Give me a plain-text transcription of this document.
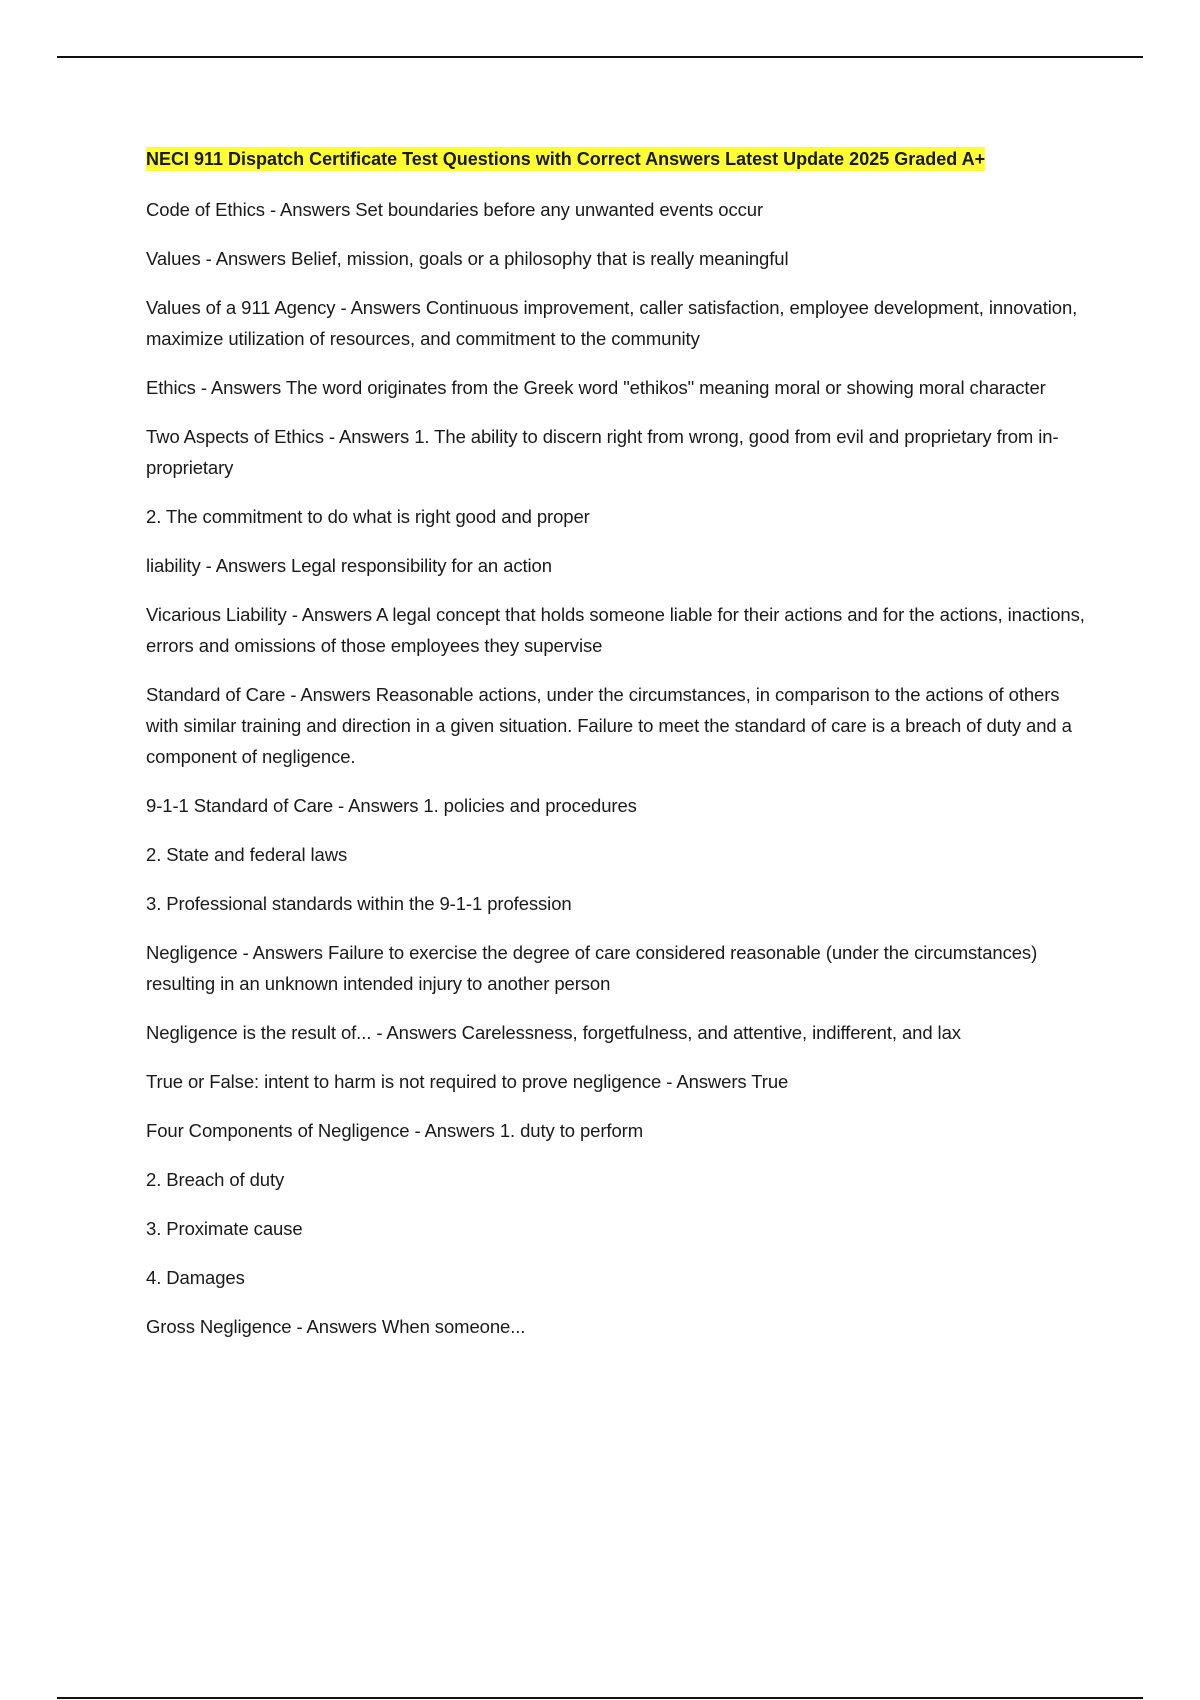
NECI 911 Dispatch Certificate Test Questions with Correct Answers Latest Update 2025 Graded A+

Code of Ethics - Answers Set boundaries before any unwanted events occur

Values - Answers Belief, mission, goals or a philosophy that is really meaningful

Values of a 911 Agency - Answers Continuous improvement, caller satisfaction, employee development, innovation, maximize utilization of resources, and commitment to the community

Ethics - Answers The word originates from the Greek word "ethikos" meaning moral or showing moral character

Two Aspects of Ethics - Answers 1. The ability to discern right from wrong, good from evil and proprietary from in-proprietary

2. The commitment to do what is right good and proper

liability - Answers Legal responsibility for an action

Vicarious Liability - Answers A legal concept that holds someone liable for their actions and for the actions, inactions, errors and omissions of those employees they supervise

Standard of Care - Answers Reasonable actions, under the circumstances, in comparison to the actions of others with similar training and direction in a given situation. Failure to meet the standard of care is a breach of duty and a component of negligence.

9-1-1 Standard of Care - Answers 1. policies and procedures

2. State and federal laws

3. Professional standards within the 9-1-1 profession

Negligence - Answers Failure to exercise the degree of care considered reasonable (under the circumstances) resulting in an unknown intended injury to another person

Negligence is the result of... - Answers Carelessness, forgetfulness, and attentive, indifferent, and lax

True or False: intent to harm is not required to prove negligence - Answers True

Four Components of Negligence - Answers 1. duty to perform

2. Breach of duty

3. Proximate cause

4. Damages

Gross Negligence - Answers When someone...
